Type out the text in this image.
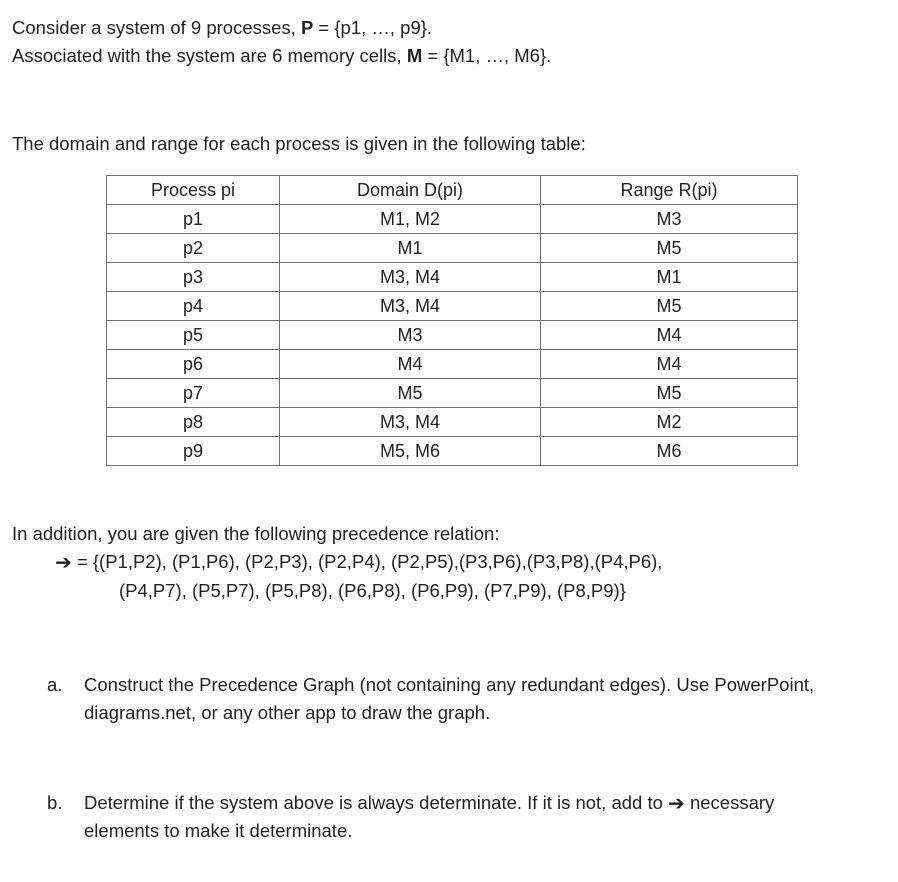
Consider a system of 9 processes, P = {p1, …, p9}.
Associated with the system are 6 memory cells, M = {M1, …, M6}.
The domain and range for each process is given in the following table:
Process pi	Domain D(pi)	Range R(pi)
p1	M1, M2	M3
p2	M1	M5
p3	M3, M4	M1
p4	M3, M4	M5
p5	M3	M4
p6	M4	M4
p7	M5	M5
p8	M3, M4	M2
p9	M5, M6	M6
In addition, you are given the following precedence relation:
➔ = {(P1,P2), (P1,P6), (P2,P3), (P2,P4), (P2,P5),(P3,P6),(P3,P8),(P4,P6),
(P4,P7), (P5,P7), (P5,P8), (P6,P8), (P6,P9), (P7,P9), (P8,P9)}
a. Construct the Precedence Graph (not containing any redundant edges). Use PowerPoint,
diagrams.net, or any other app to draw the graph.
b. Determine if the system above is always determinate. If it is not, add to ➔ necessary
elements to make it determinate.
